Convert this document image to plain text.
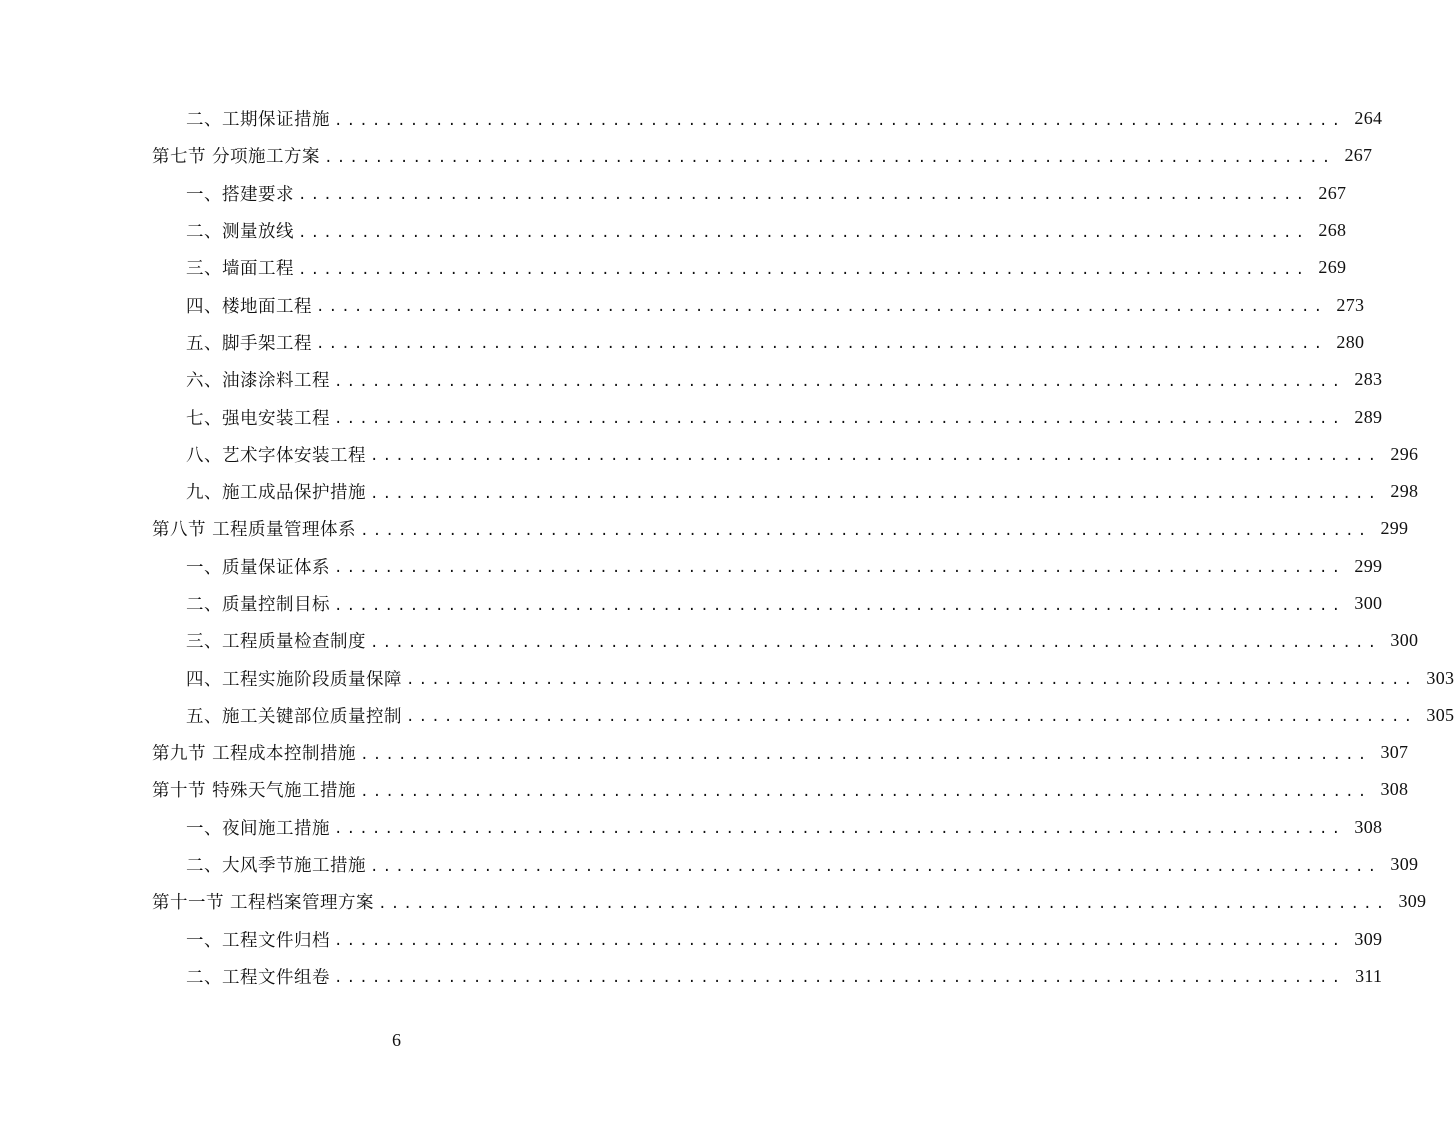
二、工期保证措施 ................................................................................ 264
第七节 分项施工方案 ................................................................................ 267
一、搭建要求 ................................................................................ 267
二、测量放线 ................................................................................ 268
三、墙面工程 ................................................................................ 269
四、楼地面工程 ................................................................................ 273
五、脚手架工程 ................................................................................ 280
六、油漆涂料工程 ................................................................................ 283
七、强电安装工程 ................................................................................ 289
八、艺术字体安装工程 ................................................................................ 296
九、施工成品保护措施 ................................................................................ 298
第八节 工程质量管理体系 ................................................................................ 299
一、质量保证体系 ................................................................................ 299
二、质量控制目标 ................................................................................ 300
三、工程质量检查制度 ................................................................................ 300
四、工程实施阶段质量保障 ................................................................................ 303
五、施工关键部位质量控制 ................................................................................ 305
第九节 工程成本控制措施 ................................................................................ 307
第十节 特殊天气施工措施 ................................................................................ 308
一、夜间施工措施 ................................................................................ 308
二、大风季节施工措施 ................................................................................ 309
第十一节 工程档案管理方案 ................................................................................ 309
一、工程文件归档 ................................................................................ 309
二、工程文件组卷 ................................................................................ 311
6
